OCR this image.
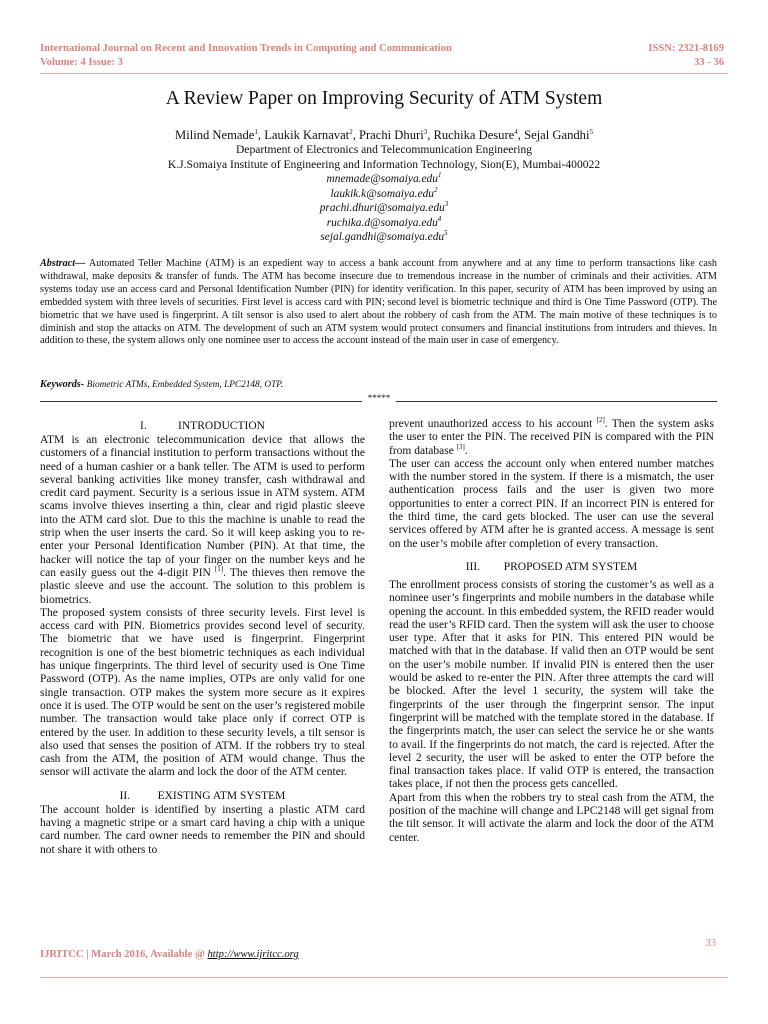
International Journal on Recent and Innovation Trends in Computing and Communication
Volume: 4 Issue: 3
ISSN: 2321-8169
33 - 36
A Review Paper on Improving Security of ATM System
Milind Nemade$^1$, Laukik Karnavat$^2$, Prachi Dhuri$^3$, Ruchika Desure$^4$, Sejal Gandhi$^5$
Department of Electronics and Telecommunication Engineering
K.J.Somaiya Institute of Engineering and Information Technology, Sion(E), Mumbai-400022
mnemade@somaiya.edu$^1$
laukik.k@somaiya.edu$^2$
prachi.dhuri@somaiya.edu$^3$
ruchika.d@somaiya.edu$^4$
sejal.gandhi@somaiya.edu$^5$
Abstract— Automated Teller Machine (ATM) is an expedient way to access a bank account from anywhere and at any time to perform transactions like cash withdrawal, make deposits & transfer of funds. The ATM has become insecure due to tremendous increase in the number of criminals and their activities. ATM systems today use an access card and Personal Identification Number (PIN) for identity verification. In this paper, security of ATM has been improved by using an embedded system with three levels of securities. First level is access card with PIN; second level is biometric technique and third is One Time Password (OTP). The biometric that we have used is fingerprint. A tilt sensor is also used to alert about the robbery of cash from the ATM. The main motive of these techniques is to diminish and stop the attacks on ATM. The development of such an ATM system would protect consumers and financial institutions from intruders and thieves. In addition to these, the system allows only one nominee user to access the account instead of the main user in case of emergency.
Keywords- Biometric ATMs, Embedded System, LPC2148, OTP.
*****
I.	INTRODUCTION

ATM is an electronic telecommunication device that allows the customers of a financial institution to perform transactions without the need of a human cashier or a bank teller. The ATM is used to perform several banking activities like money transfer, cash withdrawal and credit card payment. Security is a serious issue in ATM system. ATM scams involve thieves inserting a thin, clear and rigid plastic sleeve into the ATM card slot. Due to this the machine is unable to read the strip when the user inserts the card. So it will keep asking you to re-enter your Personal Identification Number (PIN). At that time, the hacker will notice the tap of your finger on the number keys and he can easily guess out the 4-digit PIN [1]. The thieves then remove the plastic sleeve and use the account. The solution to this problem is biometrics.

The proposed system consists of three security levels. First level is access card with PIN. Biometrics provides second level of security. The biometric that we have used is fingerprint. Fingerprint recognition is one of the best biometric techniques as each individual has unique fingerprints. The third level of security used is One Time Password (OTP). As the name implies, OTPs are only valid for one single transaction. OTP makes the system more secure as it expires once it is used. The OTP would be sent on the user’s registered mobile number. The transaction would take place only if correct OTP is entered by the user. In addition to these security levels, a tilt sensor is also used that senses the position of ATM. If the robbers try to steal cash from the ATM, the position of ATM would change. Thus the sensor will activate the alarm and lock the door of the ATM center.

II. EXISTING ATM SYSTEM

The account holder is identified by inserting a plastic ATM card having a magnetic stripe or a smart card having a chip with a unique card number. The card owner needs to remember the PIN and should not share it with others to

prevent unauthorized access to his account [2]. Then the system asks the user to enter the PIN. The received PIN is compared with the PIN from database [3].

The user can access the account only when entered number matches with the number stored in the system. If there is a mismatch, the user authentication process fails and the user is given two more opportunities to enter a correct PIN. If an incorrect PIN is entered for the third time, the card gets blocked. The user can use the several services offered by ATM after he is granted access. A message is sent on the user’s mobile after completion of every transaction.

III. PROPOSED ATM SYSTEM

The enrollment process consists of storing the customer’s as well as a nominee user’s fingerprints and mobile numbers in the database while opening the account. In this embedded system, the RFID reader would read the user’s RFID card. Then the system will ask the user to choose user type. After that it asks for PIN. This entered PIN would be matched with that in the database. If valid then an OTP would be sent on the user’s mobile number. If invalid PIN is entered then the user would be asked to re-enter the PIN. After three attempts the card will be blocked. After the level 1 security, the system will take the fingerprints of the user through the fingerprint sensor. The input fingerprint will be matched with the template stored in the database. If the fingerprints match, the user can select the service he or she wants to avail. If the fingerprints do not match, the card is rejected. After the level 2 security, the user will be asked to enter the OTP before the final transaction takes place. If valid OTP is entered, the transaction takes place, if not then the process gets cancelled.

Apart from this when the robbers try to steal cash from the ATM, the position of the machine will change and LPC2148 will get signal from the tilt sensor. It will activate the alarm and lock the door of the ATM center.

33
IJRITCC | March 2016, Available @ http://www.ijritcc.org
